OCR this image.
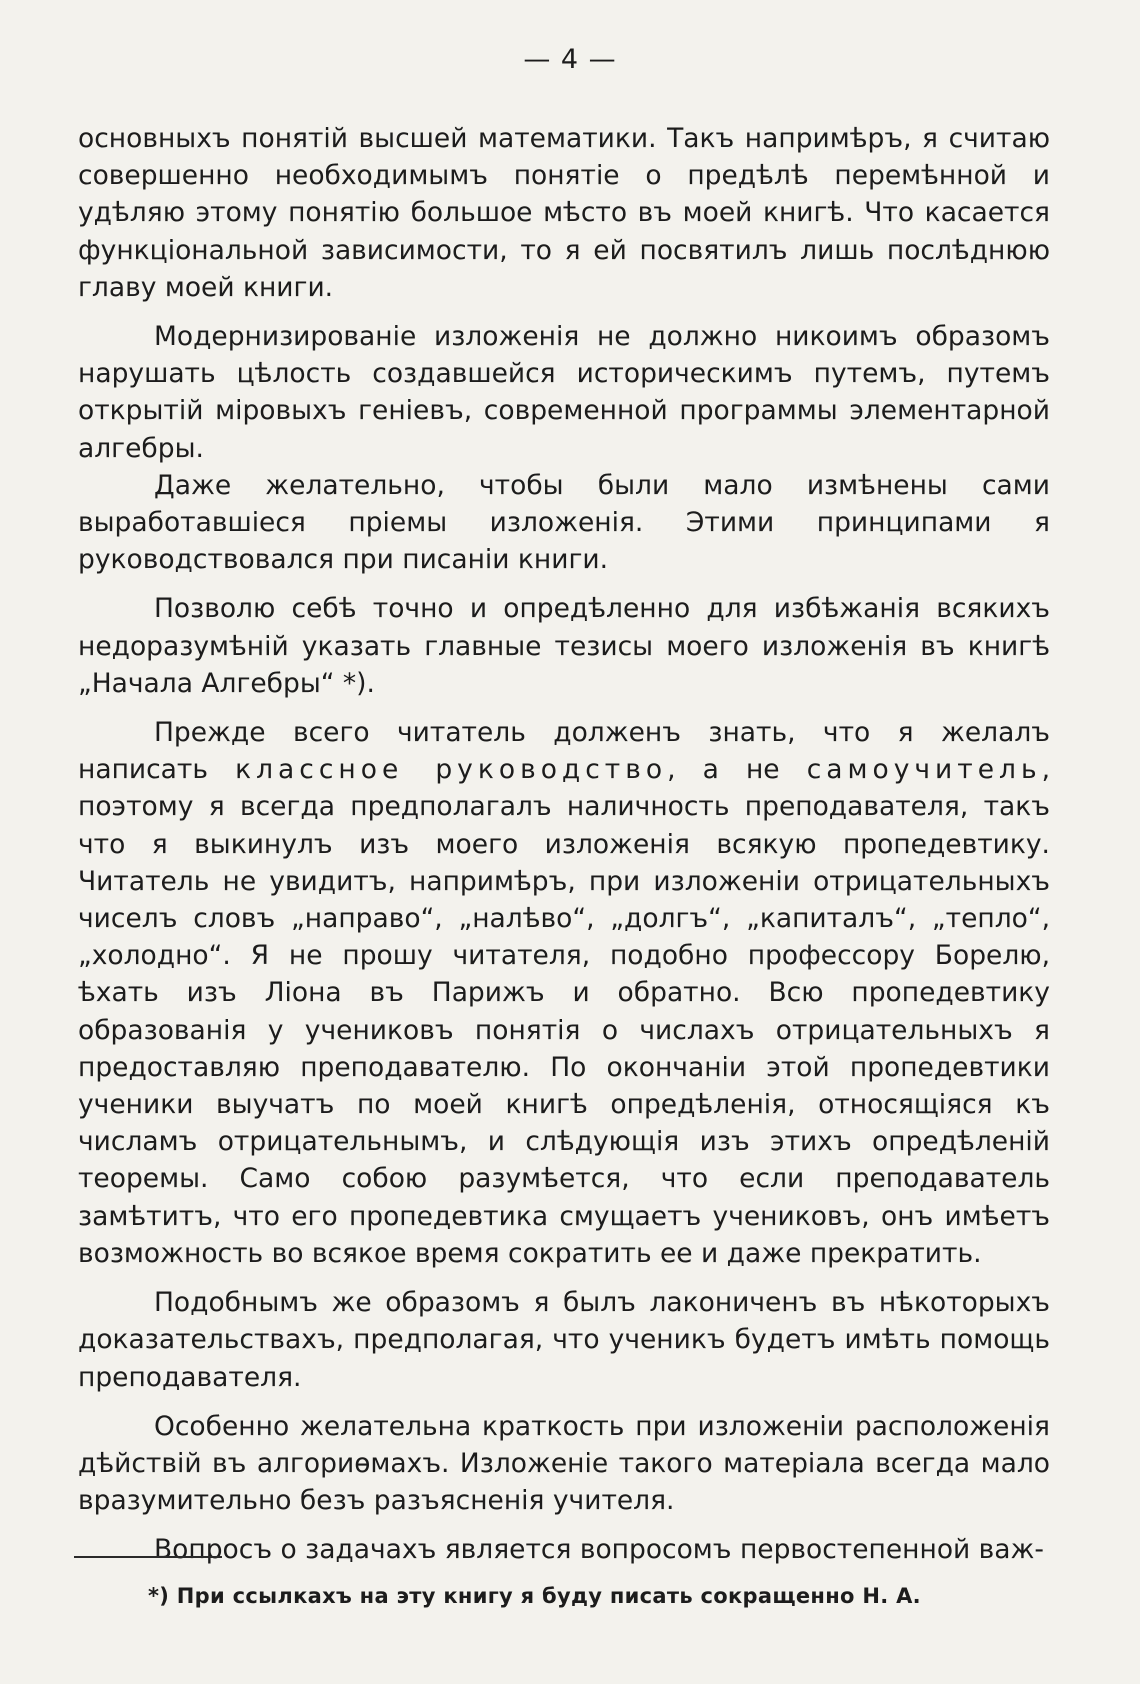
— 4 —

основныхъ понятій высшей математики. Такъ напримѣръ, я считаю совершенно необходимымъ понятіе о предѣлѣ перемѣнной и удѣляю этому понятію большое мѣсто въ моей книгѣ. Что касается функціональной зависимости, то я ей посвятилъ лишь послѣднюю главу моей книги.

Модернизированіе изложенія не должно никоимъ образомъ нарушать цѣлость создавшейся историческимъ путемъ, путемъ открытій міровыхъ геніевъ, современной программы элементарной алгебры.

Даже желательно, чтобы были мало измѣнены сами выработавшіеся пріемы изложенія. Этими принципами я руководствовался при писаніи книги.

Позволю себѣ точно и опредѣленно для избѣжанія всякихъ недоразумѣній указать главные тезисы моего изложенія въ книгѣ „Начала Алгебры“ *).

Прежде всего читатель долженъ знать, что я желалъ написать классное руководство, а не самоучитель, поэтому я всегда предполагалъ наличность преподавателя, такъ что я выкинулъ изъ моего изложенія всякую пропедевтику. Читатель не увидитъ, напримѣръ, при изложеніи отрицательныхъ чиселъ словъ „направо“, „налѣво“, „долгъ“, „капиталъ“, „тепло“, „холодно“. Я не прошу читателя, подобно профессору Борелю, ѣхать изъ Ліона въ Парижъ и обратно. Всю пропедевтику образованія у учениковъ понятія о числахъ отрицательныхъ я предоставляю преподавателю. По окончаніи этой пропедевтики ученики выучатъ по моей книгѣ опредѣленія, относящіяся къ числамъ отрицательнымъ, и слѣдующія изъ этихъ опредѣленій теоремы. Само собою разумѣется, что если преподаватель замѣтитъ, что его пропедевтика смущаетъ учениковъ, онъ имѣетъ возможность во всякое время сократить ее и даже прекратить.

Подобнымъ же образомъ я былъ лакониченъ въ нѣкоторыхъ доказательствахъ, предполагая, что ученикъ будетъ имѣть помощь преподавателя.

Особенно желательна краткость при изложеніи расположенія дѣйствій въ алгориѳмахъ. Изложеніе такого матеріала всегда мало вразумительно безъ разъясненія учителя.

Вопросъ о задачахъ является вопросомъ первостепенной важ-

*) При ссылкахъ на эту книгу я буду писать сокращенно Н. А.
